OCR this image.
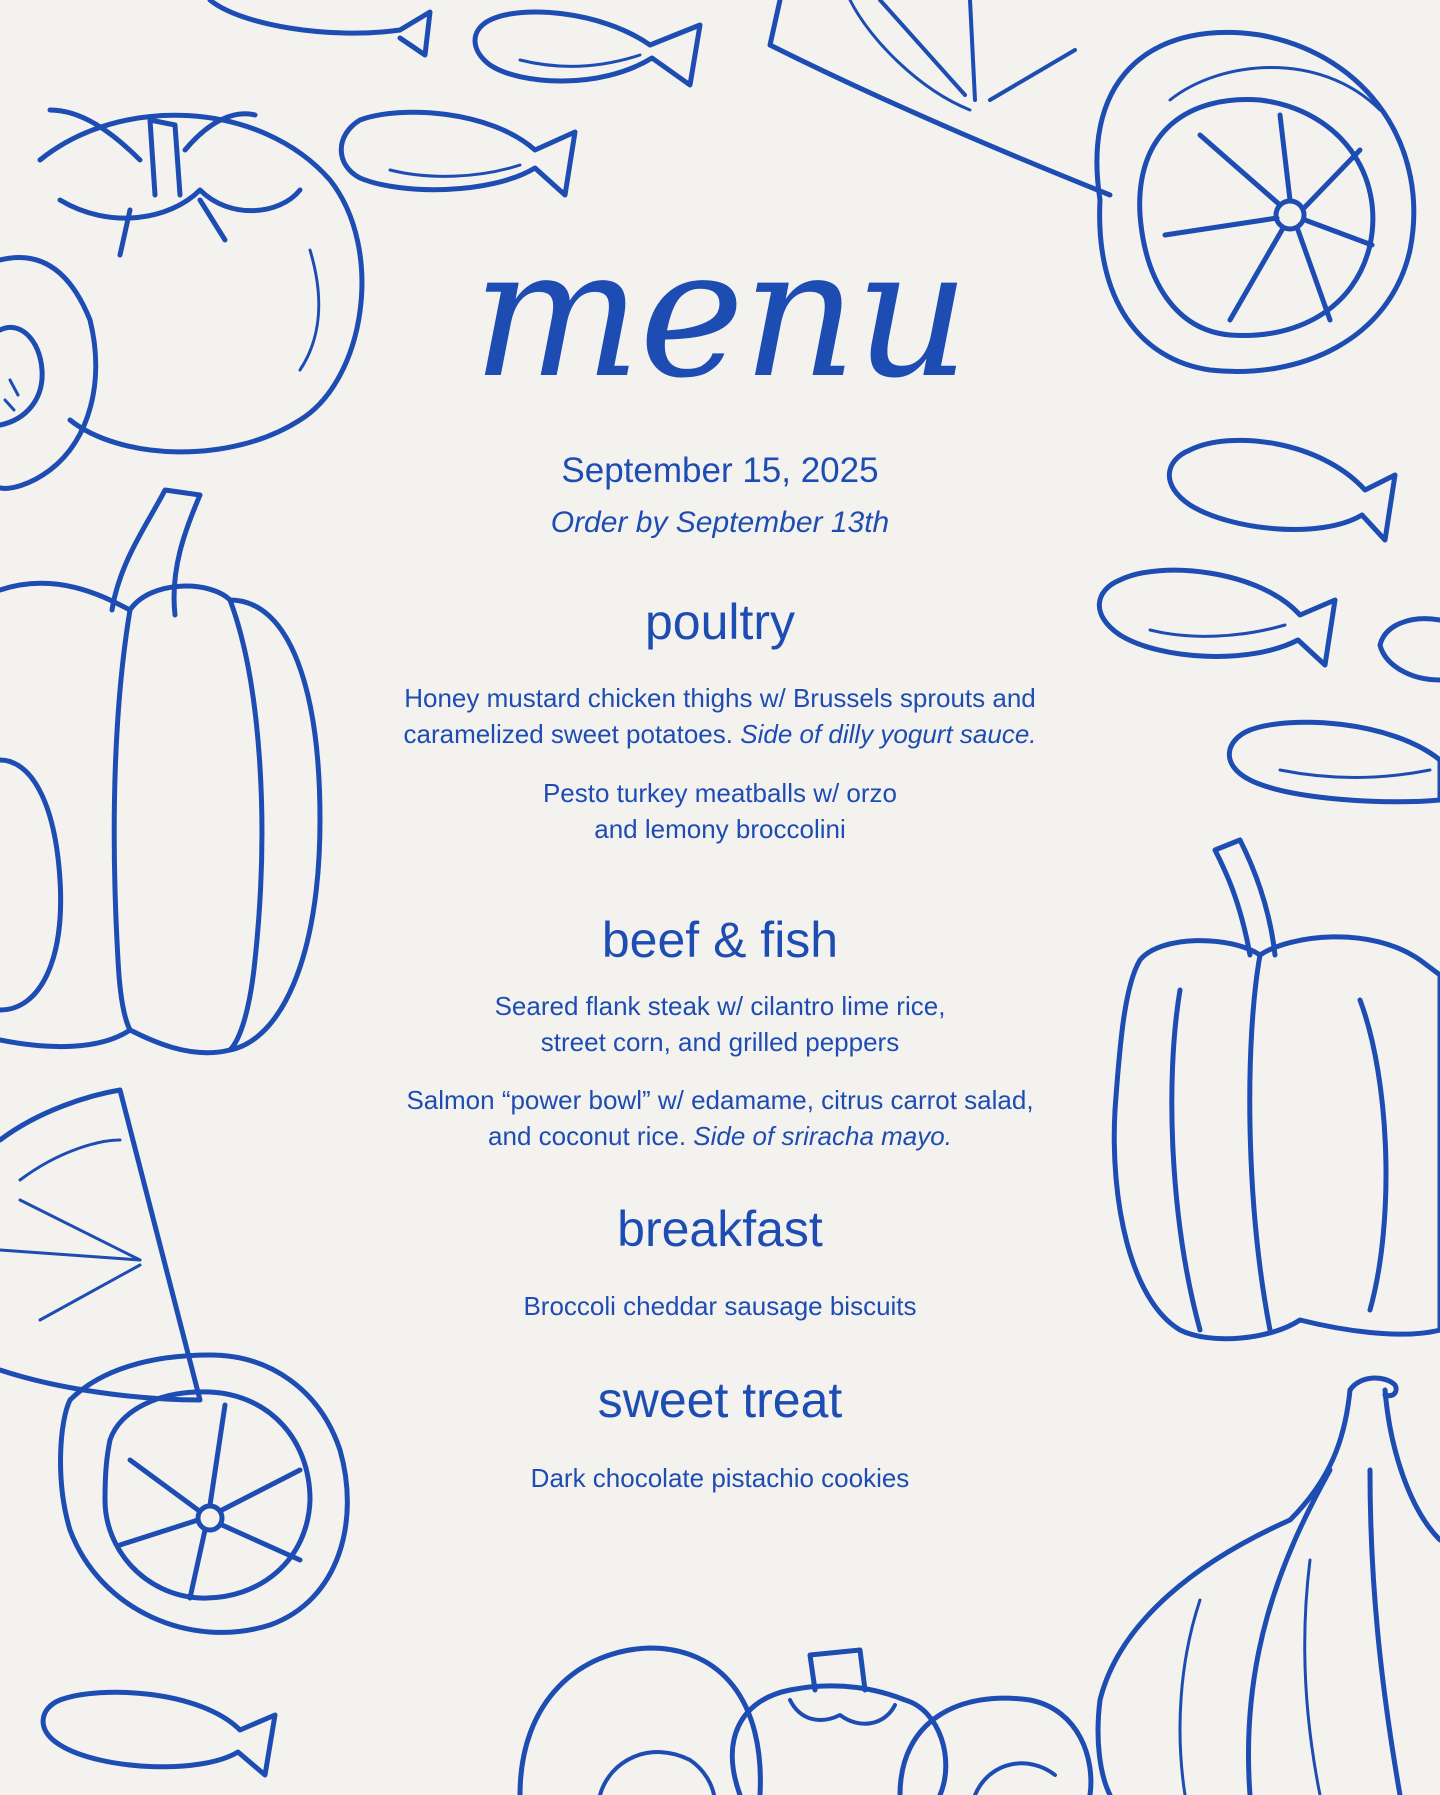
menu
September 15, 2025
Order by September 13th
poultry
Honey mustard chicken thighs w/ Brussels sprouts and
caramelized sweet potatoes. Side of dilly yogurt sauce.
Pesto turkey meatballs w/ orzo
and lemony broccolini
beef & fish
Seared flank steak w/ cilantro lime rice,
street corn, and grilled peppers
Salmon “power bowl” w/ edamame, citrus carrot salad,
and coconut rice. Side of sriracha mayo.
breakfast
Broccoli cheddar sausage biscuits
sweet treat
Dark chocolate pistachio cookies
